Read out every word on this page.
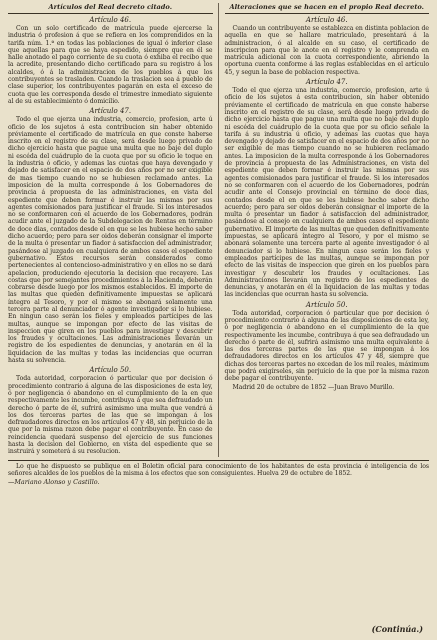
Artículos del Real decreto citado.
Artículo 46.

Con un solo certificado de matrícula puede ejercerse la industria ó profesion á que se refiera en los comprendidos en la tarifa núm. 1.ª en todas las poblaciones de igual ó inferior clase que aquellas para que se haya espedido, siempre que en él se halle anotado el pago corriente de su cuota ó exhiba el recibo que la acredite, presentando dicho certificado para su registro á los alcaldes, ó á la administracion de los pueblos á que los contribuyentes se trasladen. Cuando la traslacion sea á pueblo de clase superior, los contribuyentes pagarán en esta el exceso de cuota que les corresponda desde el trimestre inmediato siguiente al de su establecimiento ó domicilio.

Artículo 47.

Todo el que ejerza una industria, comercio, profesion, arte ú oficio de los sujetos á esta contribucion sin haber obtenido préviamente el certificado de matrícula en que conste haberse inscrito en el registro de su clase, será desde luego privado de dicho ejercicio hasta que pague una multa que no baje del duplo ni escéda del cuádruplo de la cuota que por su oficio le toque en la industria ó oficio, y ademas las cuotas que haya devengado y dejado de satisfacer en el espacio de dos años por no ser exigible de mas tiempo cuando no se hubiesen reclamado antes. La imposicion de la multa corresponde á los Gobernadores de provincia á propuesta de las administraciones, en vista del espediente que deben formar é instruir las mismas por sus agentes comisionados para justificar el fraude. Si los interesados no se conformaren con el acuerdo de los Gobernadores, podrán acudir ante el juzgado de la Subdelegacion de Rentas en término de doce dias, contados desde el en que se les hubiese hecho saber dicho acuerdo; pero para ser oidos deberán consignar el importe de la multa ó presentar un fiador á satisfaccion del administrador, pasándose al juzgado en cualquiera de ambos casos el espediente gubernativo. Estos recursos serán considerados como pertenecientes al contencioso-administrativo y en ellos no se dará apelacion, produciendo ejecutoria la decision que recayere. Las costas que por semejantes procedimientos á la Hacienda, deberán cobrarse desde luego por los mismos establecidos. El importe de las multas que queden definitivamente impuestas se aplicará íntegro al Tesoro, y por el mismo se abonará solamente una tercera parte al denunciador ó agente investigador si lo hubiese. En ningun caso serán los fieles y empleados partícipes de las multas, aunque se impongan por efecto de las visitas de inspeccion que giren en los pueblos para investigar y descubrir los fraudes y ocultaciones. Las administraciones llevarán un registro de los espedientes de denuncias, y anotarán en él la liquidacion de las multas y todas las incidencias que ocurran hasta su solvencia.

Artículo 50.

Toda autoridad, corporacion ó particular que por decision ó procedimiento contrario á alguna de las disposiciones de esta ley, ó por negligencia ó abandono en el cumplimiento de la en que respectivamente les incumbe, contribuya á que sea defraudado un derecho ó parte de él, sufrirá asimismo una multa que vendrá á los dos terceras partes de las que se impongan á los defraudadores directos en los artículos 47 y 48, sin perjuicio de la que por la misma razon debe pagar el contribuyente. En caso de reincidencia quedará suspenso del ejercicio de sus funciones hasta la decision del Gobierno, en vista del espediente que se instruirá y someterá á su resolucion.

Alteraciones que se hacen en el propio Real decreto.
Artículo 46.

Cuando un contribuyente se establezca en distinta poblacion de aquella en que se hallare matriculado, presentará á la administracion, ó al alcalde en su caso, el certificado de inscripcion para que le anote en el registro y le comprenda en matrícula adicional con la cuota correspondiente, abriendo la oportuna cuenta conforme á las reglas establecidas en el artículo 45, y segun la base de poblacion respectiva.

Artículo 47.

Todo el que ejerza una industria, comercio, profesion, arte ú oficio de los sujetos á esta contribucion, sin haber obtenido préviamente el certificado de matrícula en que conste haberse inscrito en el registro de su clase, será desde luego privado de dicho ejercicio hasta que pague una multa que no baje del duplo ni escéda del cuádruplo de la cuota que por su oficio señale la tarifa á su industria ú oficio, y ademas las cuotas que haya devengado y dejado de satisfacer en el espacio de dos años por no ser exigible de mas tiempo cuando no se hubieren reclamado antes. La imposicion de la multa corresponde á los Gobernadores de provincia á propuesta de las Administraciones, en vista del espediente que deben formar é instruir las mismas por sus agentes comisionados para justificar el fraude. Si los interesados no se conformaren con el acuerdo de los Gobernadores, podrán acudir ante el Consejo provincial en término de doce dias, contados desde el en que se les hubiese hecho saber dicho acuerdo; pero para ser oidos deberán consignar el importe de la multa ó presentar un fiador á satisfaccion del administrador, pasándose al consejo en cualquiera de ambos casos el espediente gubernativo. El importe de las multas que queden definitivamente impuestas, se aplicará íntegro al Tesoro, y por el mismo se abonará solamente una tercera parte al agente investigador ó al denunciador si lo hubiese. En ningun caso serán los fieles y empleados partícipes de las multas, aunque se impongan por efecto de las visitas de inspeccion que giren en los pueblos para investigar y descubrir los fraudes y ocultaciones. Las Administraciones llevarán un registro de los espedientes de denuncias, y anotarán en él la liquidacion de las multas y todas las incidencias que ocurran hasta su solvencia.

Artículo 50.

Toda autoridad, corporacion ó particular que por decision ó procedimiento contrario á alguna de las disposiciones de esta ley, ó por negligencia ó abandono en el cumplimiento de la que respectivamente les incumbe, contribuya á que sea defraudado un derecho ó parte de él, sufrirá asimismo una multa equivalente á las dos terceras partes de las que se impongan á los defraudadores directos en los artículos 47 y 48, siempre que dichas dos terceras partes no excedan de los mil reales, máximum que podrá exigírseles, sin perjuicio de la que por la misma razon debe pagar el contribuyente.

Madrid 20 de octubre de 1852 —Juan Bravo Murillo.

Lo que he dispuesto se publique en el Boletin oficial para conocimiento de los habitantes de esta provincia é inteligencia de los señores alcaldes de los pueblos de la misma á los efectos que son consiguientes. Huelva 29 de octubre de 1852.

—Mariano Alonso y Castillo.
(Continúa.)
